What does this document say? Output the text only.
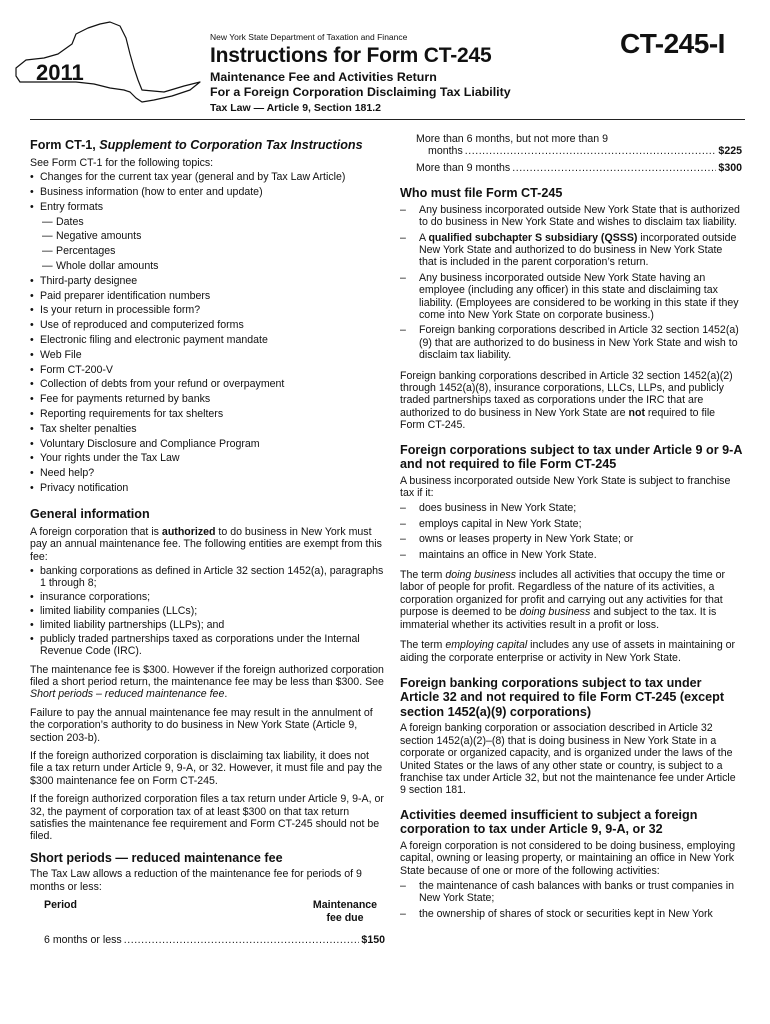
2011
New York State Department of Taxation and Finance
Instructions for Form CT-245	CT-245-I
Maintenance Fee and Activities Return
For a Foreign Corporation Disclaiming Tax Liability
Tax Law — Article 9, Section 181.2
Form CT-1, Supplement to Corporation Tax Instructions

See Form CT-1 for the following topics:

• Changes for the current tax year (general and by Tax Law Article)
• Business information (how to enter and update)
• Entry formats
— Dates
— Negative amounts
— Percentages
— Whole dollar amounts
• Third-party designee
• Paid preparer identification numbers
• Is your return in processible form?
• Use of reproduced and computerized forms
• Electronic filing and electronic payment mandate
• Web File
• Form CT-200-V
• Collection of debts from your refund or overpayment
• Fee for payments returned by banks
• Reporting requirements for tax shelters
• Tax shelter penalties
• Voluntary Disclosure and Compliance Program
• Your rights under the Tax Law
• Need help?
• Privacy notification
General information

A foreign corporation that is authorized to do business in New York must pay an annual maintenance fee. The following entities are exempt from this fee:

• banking corporations as defined in Article 32 section 1452(a), paragraphs 1 through 8;
• insurance corporations;
• limited liability companies (LLCs);
• limited liability partnerships (LLPs); and
• publicly traded partnerships taxed as corporations under the Internal Revenue Code (IRC).

The maintenance fee is $300. However if the foreign authorized corporation filed a short period return, the maintenance fee may be less than $300. See Short periods – reduced maintenance fee.

Failure to pay the annual maintenance fee may result in the annulment of the corporation’s authority to do business in New York State (Article 9, section 203-b).

If the foreign authorized corporation is disclaiming tax liability, it does not file a tax return under Article 9, 9-A, or 32. However, it must file and pay the $300 maintenance fee on Form CT-245.

If the foreign authorized corporation files a tax return under Article 9, 9-A, or 32, the payment of corporation tax of at least $300 on that tax return satisfies the maintenance fee requirement and Form CT-245 should not be filed.

Short periods — reduced maintenance fee

The Tax Law allows a reduction of the maintenance fee for periods of 9 months or less:

Period	Maintenance
fee due
6 months or less . . .	$150
More than 6 months, but not more than 9
months . . .	$225
More than 9 months . . .	$300
Who must file Form CT-245
– Any business incorporated outside New York State that is authorized to do business in New York State and wishes to disclaim tax liability.
– A qualified subchapter S subsidiary (QSSS) incorporated outside New York State and authorized to do business in New York State that is included in the parent corporation’s return.
– Any business incorporated outside New York State having an employee (including any officer) in this state and disclaiming tax liability. (Employees are considered to be working in this state if they come into New York State on corporate business.)
– Foreign banking corporations described in Article 32 section 1452(a)(9) that are authorized to do business in New York State and wish to disclaim tax liability.

Foreign banking corporations described in Article 32 section 1452(a)(2) through 1452(a)(8), insurance corporations, LLCs, LLPs, and publicly traded partnerships taxed as corporations under the IRC that are authorized to do business in New York State are not required to file Form CT-245.

Foreign corporations subject to tax under Article 9 or 9-A and not required to file Form CT-245

A business incorporated outside New York State is subject to franchise tax if it:

– does business in New York State;
– employs capital in New York State;
– owns or leases property in New York State; or
– maintains an office in New York State.

The term doing business includes all activities that occupy the time or labor of people for profit. Regardless of the nature of its activities, a corporation organized for profit and carrying out any activities for that purpose is deemed to be doing business and subject to the tax. It is immaterial whether its activities result in a profit or loss.

The term employing capital includes any use of assets in maintaining or aiding the corporate enterprise or activity in New York State.

Foreign banking corporations subject to tax under Article 32 and not required to file Form CT-245 (except section 1452(a)(9) corporations)

A foreign banking corporation or association described in Article 32 section 1452(a)(2)–(8) that is doing business in New York State in a corporate or organized capacity, and is organized under the laws of the United States or the laws of any other state or country, is subject to a franchise tax under Article 32, but not the maintenance fee under Article 9 section 181.

Activities deemed insufficient to subject a foreign corporation to tax under Article 9, 9-A, or 32

A foreign corporation is not considered to be doing business, employing capital, owning or leasing property, or maintaining an office in New York State because of one or more of the following activities:

– the maintenance of cash balances with banks or trust companies in New York State;
– the ownership of shares of stock or securities kept in New York
